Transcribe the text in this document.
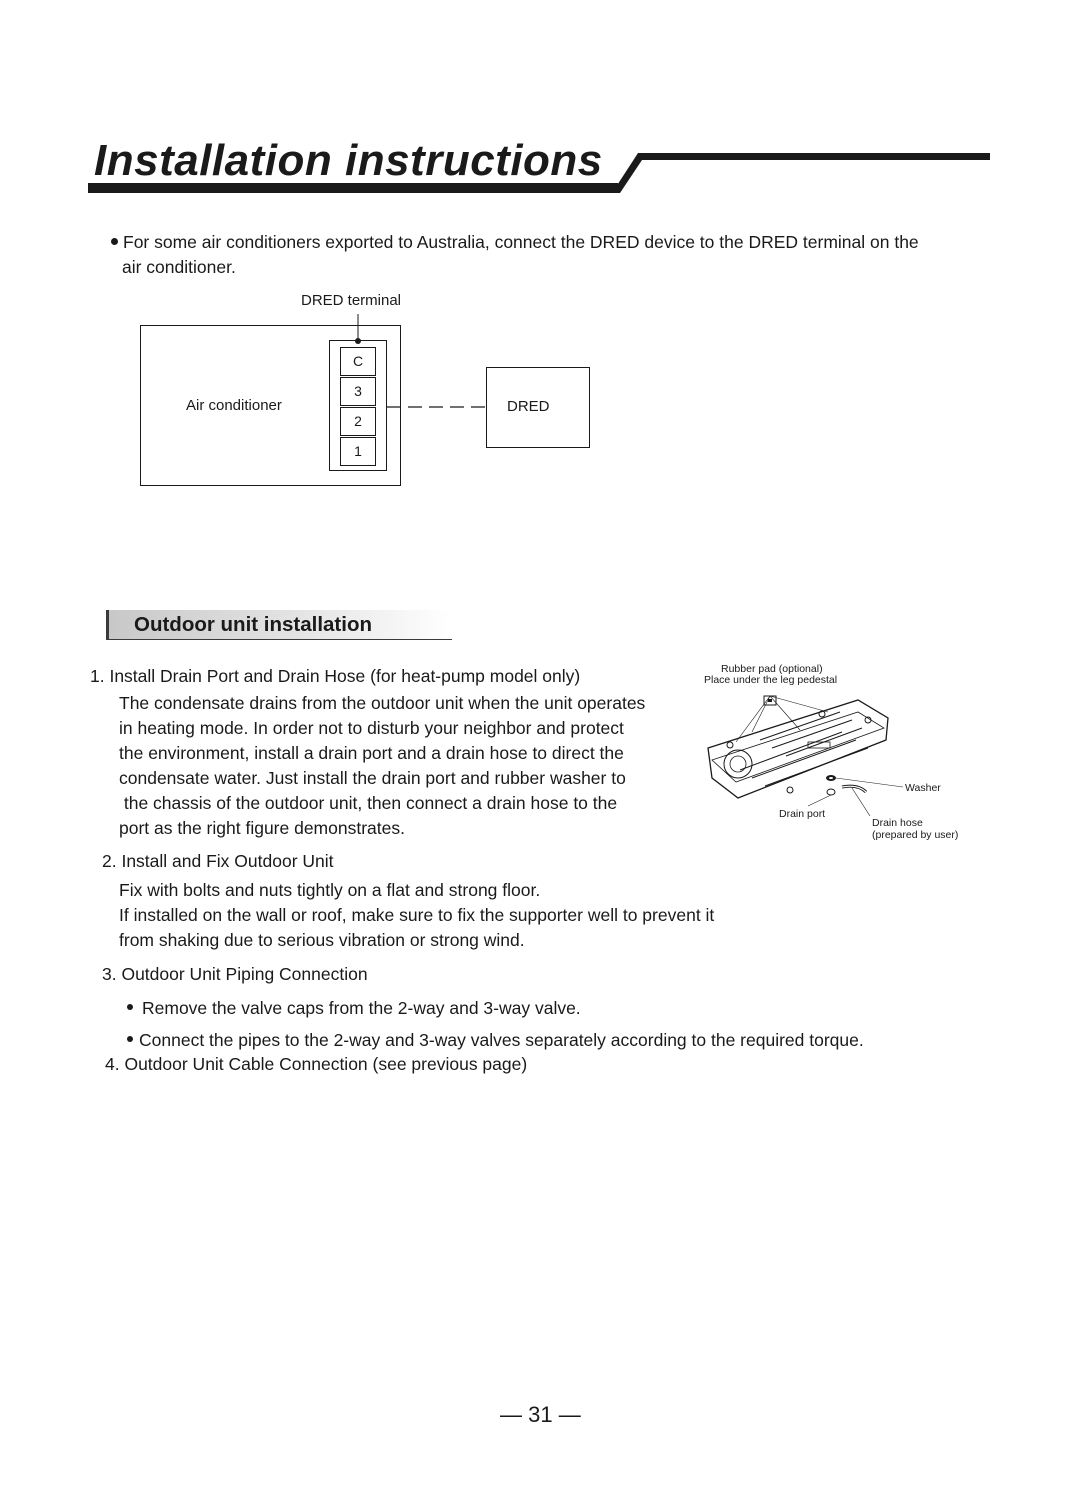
Installation instructions
For some air conditioners exported to Australia, connect the DRED device to the DRED terminal on the
air conditioner.
DRED terminal
Air conditioner
C
3
2
1
DRED
Outdoor unit installation
1. Install Drain Port and Drain Hose (for heat-pump model only)
The condensate drains from the outdoor unit when the unit operates
in heating mode. In order not to disturb your neighbor and protect
the environment, install a drain port and a drain hose to direct the
condensate water. Just install the drain port and rubber washer to
the chassis of the outdoor unit, then connect a drain hose to the
port as the right figure demonstrates.
2. Install and Fix Outdoor Unit
Fix with bolts and nuts tightly on a flat and strong floor.
If installed on the wall or roof, make sure to fix the supporter well to prevent it
from shaking due to serious vibration or strong wind.
3. Outdoor Unit Piping Connection
Remove the valve caps from the 2-way and 3-way valve.
Connect the pipes to the 2-way and 3-way valves separately according to the required torque.
4. Outdoor Unit Cable Connection (see previous page)
Rubber pad (optional)
Place under the leg pedestal
Washer
Drain port
Drain hose
(prepared by user)
— 31 —
